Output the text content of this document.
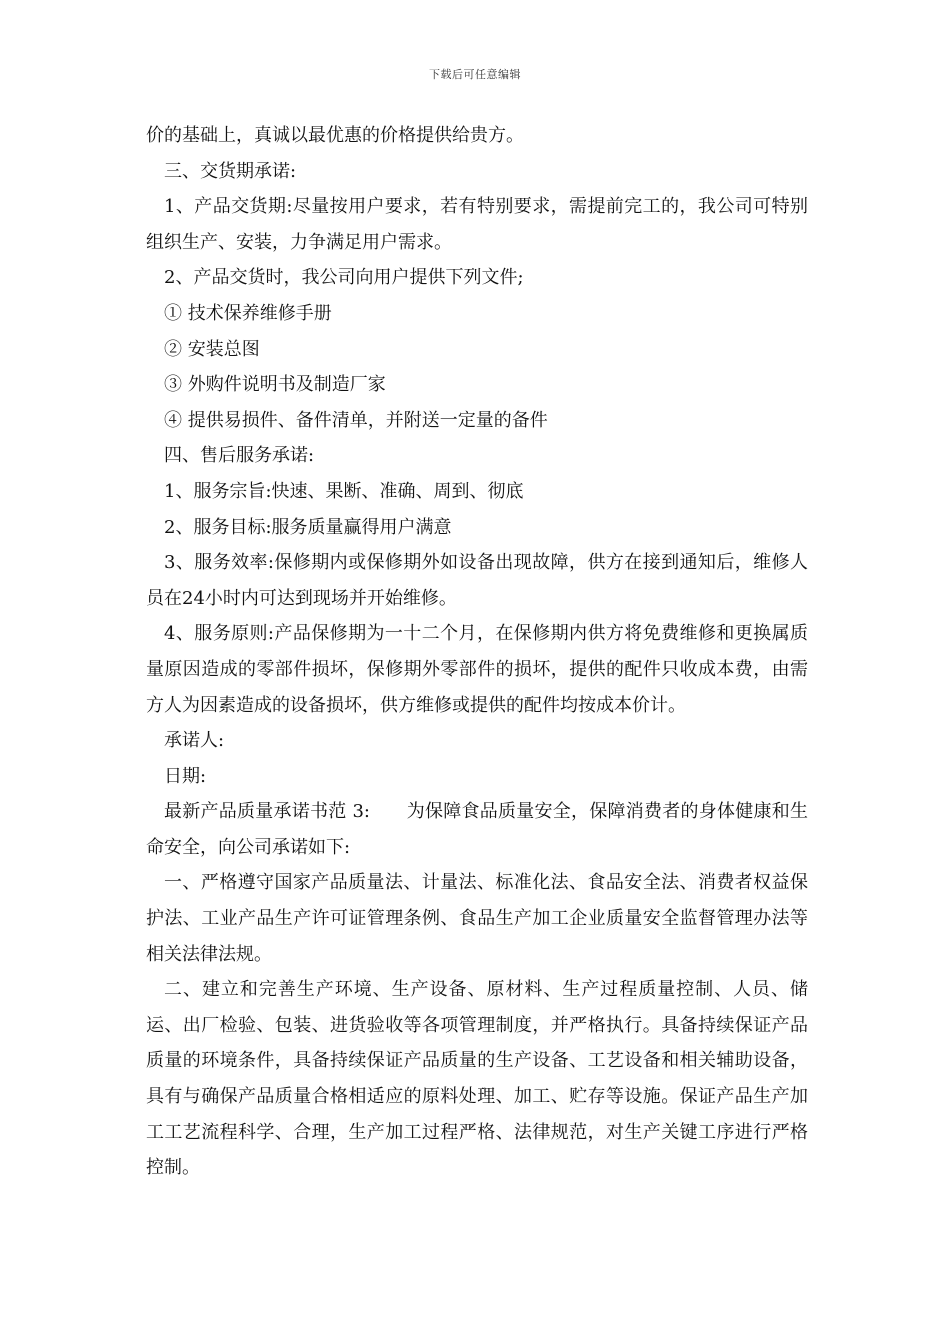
下载后可任意编辑

价的基础上，真诚以最优惠的价格提供给贵方。

三、交货期承诺:

1、产品交货期:尽量按用户要求，若有特别要求，需提前完工的，我公司可特别组织生产、安装，力争满足用户需求。

2、产品交货时，我公司向用户提供下列文件;

① 技术保养维修手册

② 安装总图

③ 外购件说明书及制造厂家

④ 提供易损件、备件清单，并附送一定量的备件

四、售后服务承诺:

1、服务宗旨:快速、果断、准确、周到、彻底

2、服务目标:服务质量赢得用户满意

3、服务效率:保修期内或保修期外如设备出现故障，供方在接到通知后，维修人员在24小时内可达到现场并开始维修。

4、服务原则:产品保修期为一十二个月，在保修期内供方将免费维修和更换属质量原因造成的零部件损坏，保修期外零部件的损坏，提供的配件只收成本费，由需方人为因素造成的设备损坏，供方维修或提供的配件均按成本价计。

承诺人:

日期:

最新产品质量承诺书范 3:　　为保障食品质量安全，保障消费者的身体健康和生命安全，向公司承诺如下:

一、严格遵守国家产品质量法、计量法、标准化法、食品安全法、消费者权益保护法、工业产品生产许可证管理条例、食品生产加工企业质量安全监督管理办法等相关法律法规。

二、建立和完善生产环境、生产设备、原材料、生产过程质量控制、人员、储运、出厂检验、包装、进货验收等各项管理制度，并严格执行。具备持续保证产品质量的环境条件，具备持续保证产品质量的生产设备、工艺设备和相关辅助设备，具有与确保产品质量合格相适应的原料处理、加工、贮存等设施。保证产品生产加工工艺流程科学、合理，生产加工过程严格、法律规范，对生产关键工序进行严格控制。
